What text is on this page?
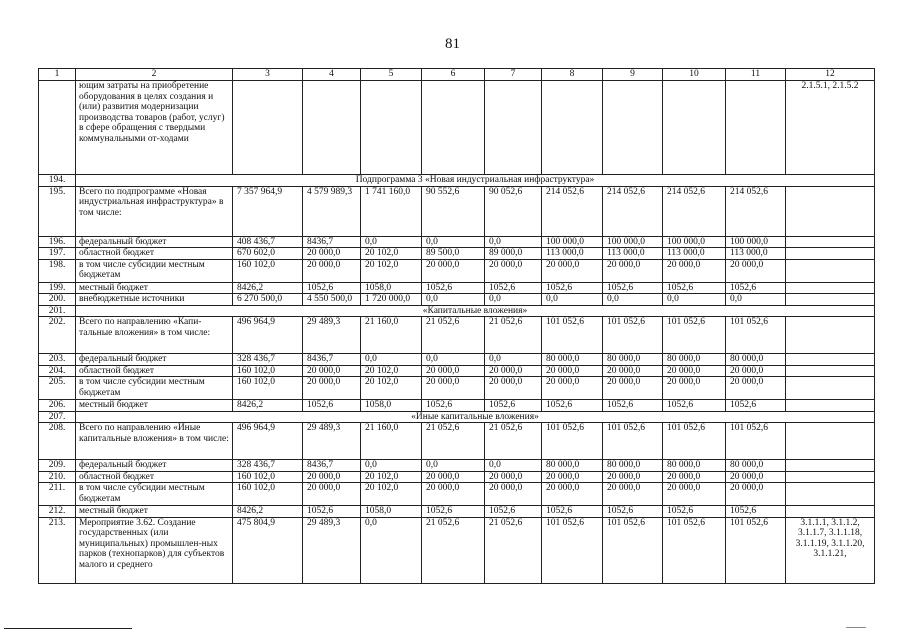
81
1	2	3	4	5	6	7	8	9	10	11	12
	ющим затраты на приобретение оборудования в целях создания и (или) развития модернизации производства товаров (работ, услуг) в сфере обращения с твердыми коммунальными от-ходами										2.1.5.1, 2.1.5.2
194.	Подпрограмма 3 «Новая индустриальная инфраструктура»										
195.	Всего по подпрограмме «Новая индустриальная инфраструктура» в том числе:	7 357 964,9	4 579 989,3	1 741 160,0	90 552,6	90 052,6	214 052,6	214 052,6	214 052,6	214 052,6	
196.	федеральный бюджет	408 436,7	8436,7	0,0	0,0	0,0	100 000,0	100 000,0	100 000,0	100 000,0	
197.	областной бюджет	670 602,0	20 000,0	20 102,0	89 500,0	89 000,0	113 000,0	113 000,0	113 000,0	113 000,0	
198.	в том числе субсидии местным бюджетам	160 102,0	20 000,0	20 102,0	20 000,0	20 000,0	20 000,0	20 000,0	20 000,0	20 000,0	
199.	местный бюджет	8426,2	1052,6	1058,0	1052,6	1052,6	1052,6	1052,6	1052,6	1052,6	
200.	внебюджетные источники	6 270 500,0	4 550 500,0	1 720 000,0	0,0	0,0	0,0	0,0	0,0	0,0	
201.	«Капитальные вложения»										
202.	Всего по направлению «Капи-тальные вложения» в том числе:	496 964,9	29 489,3	21 160,0	21 052,6	21 052,6	101 052,6	101 052,6	101 052,6	101 052,6	
203.	федеральный бюджет	328 436,7	8436,7	0,0	0,0	0,0	80 000,0	80 000,0	80 000,0	80 000,0	
204.	областной бюджет	160 102,0	20 000,0	20 102,0	20 000,0	20 000,0	20 000,0	20 000,0	20 000,0	20 000,0	
205.	в том числе субсидии местным бюджетам	160 102,0	20 000,0	20 102,0	20 000,0	20 000,0	20 000,0	20 000,0	20 000,0	20 000,0	
206.	местный бюджет	8426,2	1052,6	1058,0	1052,6	1052,6	1052,6	1052,6	1052,6	1052,6	
207.	«Иные капитальные вложения»										
208.	Всего по направлению «Иные капитальные вложения» в том числе:	496 964,9	29 489,3	21 160,0	21 052,6	21 052,6	101 052,6	101 052,6	101 052,6	101 052,6	
209.	федеральный бюджет	328 436,7	8436,7	0,0	0,0	0,0	80 000,0	80 000,0	80 000,0	80 000,0	
210.	областной бюджет	160 102,0	20 000,0	20 102,0	20 000,0	20 000,0	20 000,0	20 000,0	20 000,0	20 000,0	
211.	в том числе субсидии местным бюджетам	160 102,0	20 000,0	20 102,0	20 000,0	20 000,0	20 000,0	20 000,0	20 000,0	20 000,0	
212.	местный бюджет	8426,2	1052,6	1058,0	1052,6	1052,6	1052,6	1052,6	1052,6	1052,6	
213.	Мероприятие 3.62. Создание государственных (или муниципальных) промышлен-ных парков (технопарков) для субъектов малого и среднего	475 804,9	29 489,3	0,0	21 052,6	21 052,6	101 052,6	101 052,6	101 052,6	101 052,6	3.1.1.1, 3.1.1.2, 3.1.1.7, 3.1.1.18, 3.1.1.19, 3.1.1.20, 3.1.1.21,
